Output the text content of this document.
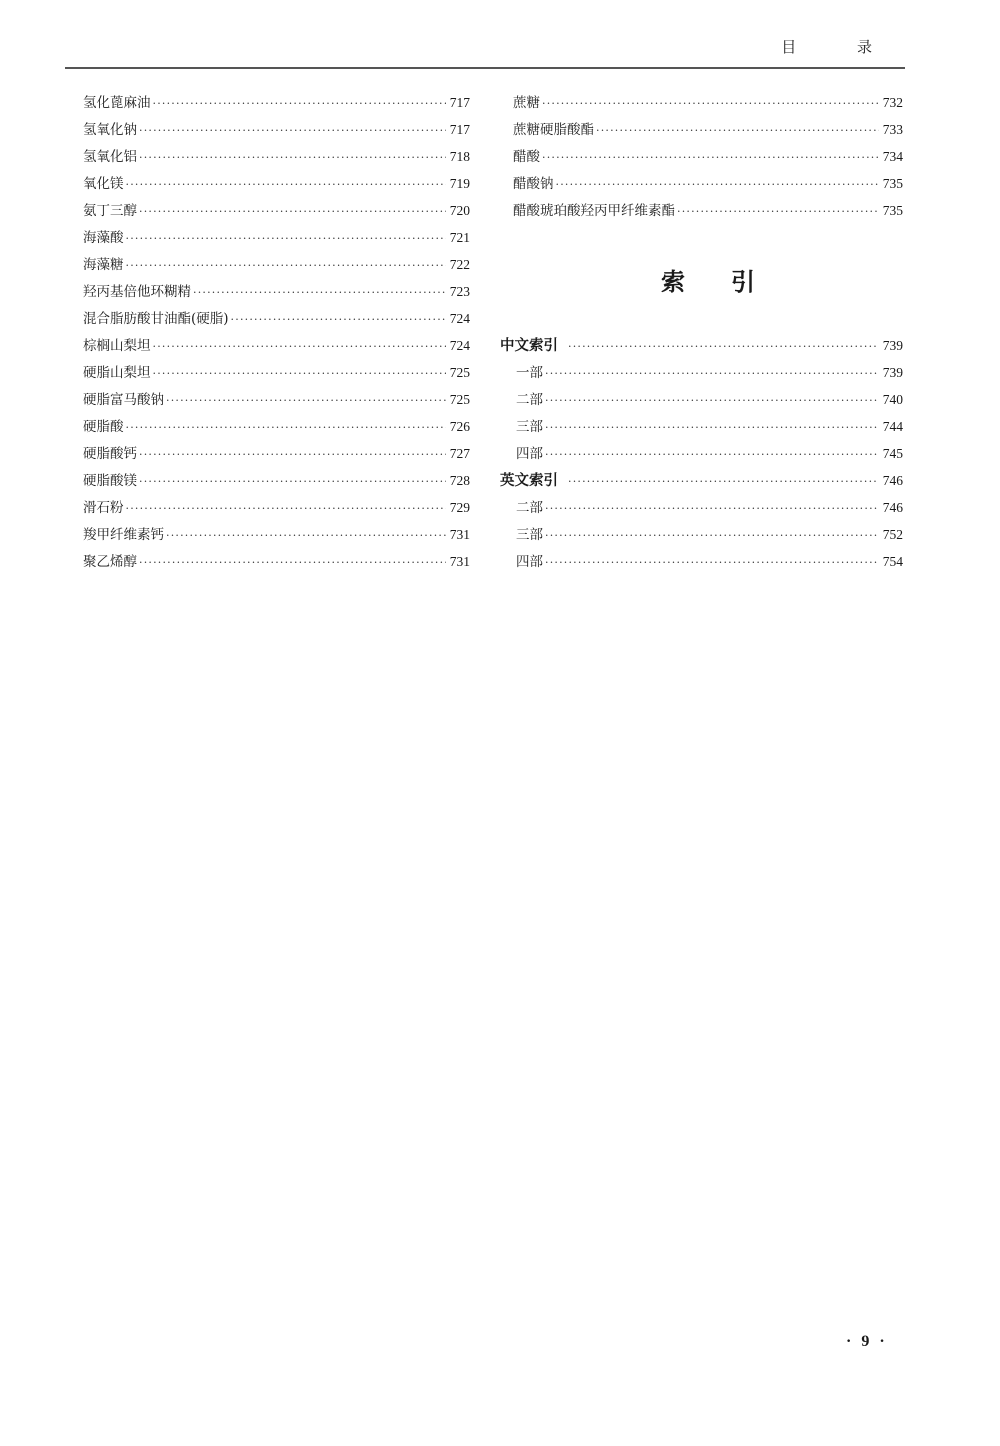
目 录
氢化蓖麻油 ·····	717
氢氧化钠 ·····	717
氢氧化铝 ·····	718
氧化镁 ·····	719
氨丁三醇 ·····	720
海藻酸 ·····	721
海藻糖 ·····	722
羟丙基倍他环糊精 ·····	723
混合脂肪酸甘油酯(硬脂) ·····	724
棕榈山梨坦 ·····	724
硬脂山梨坦 ·····	725
硬脂富马酸钠 ·····	725
硬脂酸 ·····	726
硬脂酸钙 ·····	727
硬脂酸镁 ·····	728
滑石粉 ·····	729
羧甲纤维素钙 ·····	731
聚乙烯醇 ·····	731
蔗糖 ·····	732
蔗糖硬脂酸酯 ·····	733
醋酸 ·····	734
醋酸钠 ·····	735
醋酸琥珀酸羟丙甲纤维素酯 ·····	735
索引
中文索引 ·····	739
一部 ·····	739
二部 ·····	740
三部 ·····	744
四部 ·····	745
英文索引 ·····	746
二部 ·····	746
三部 ·····	752
四部 ·····	754
· 9 ·
